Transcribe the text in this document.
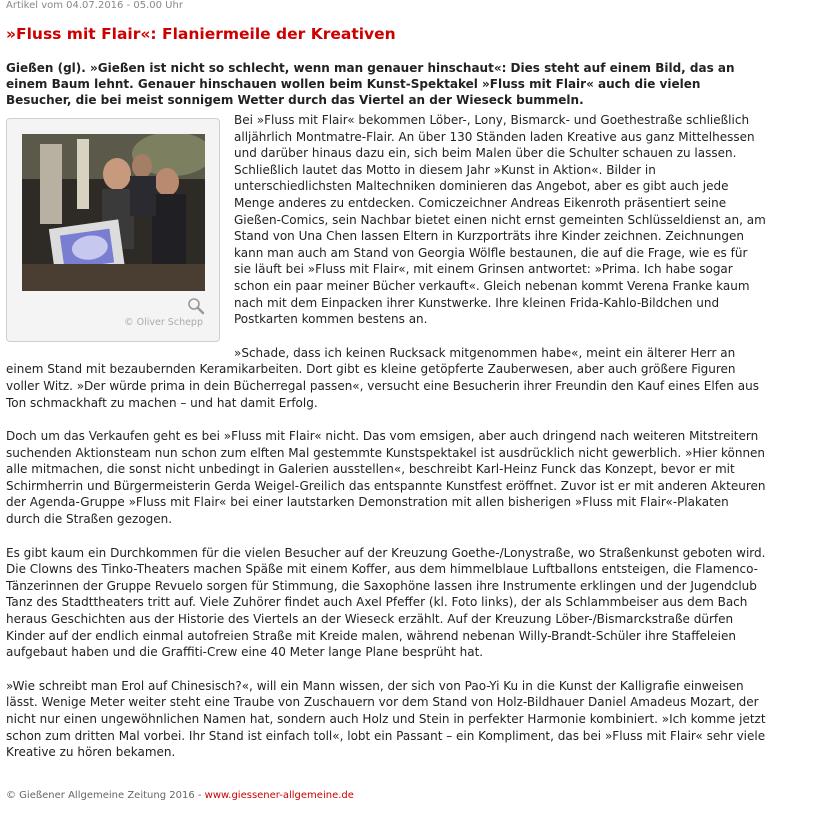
Artikel vom 04.07.2016 - 05.00 Uhr
»Fluss mit Flair«: Flaniermeile der Kreativen

Gießen (gl). »Gießen ist nicht so schlecht, wenn man genauer hinschaut«: Dies steht auf einem Bild, das an einem Baum lehnt. Genauer hinschauen wollen beim Kunst-Spektakel »Fluss mit Flair« auch die vielen Besucher, die bei meist sonnigem Wetter durch das Viertel an der Wieseck bummeln.

© Oliver Schepp

Bei »Fluss mit Flair« bekommen Löber-, Lony, Bismarck- und Goethestraße schließlich alljährlich Montmatre-Flair. An über 130 Ständen laden Kreative aus ganz Mittelhessen und darüber hinaus dazu ein, sich beim Malen über die Schulter schauen zu lassen. Schließlich lautet das Motto in diesem Jahr »Kunst in Aktion«. Bilder in unterschiedlichsten Maltechniken dominieren das Angebot, aber es gibt auch jede Menge anderes zu entdecken. Comiczeichner Andreas Eikenroth präsentiert seine Gießen-Comics, sein Nachbar bietet einen nicht ernst gemeinten Schlüsseldienst an, am Stand von Una Chen lassen Eltern in Kurzporträts ihre Kinder zeichnen. Zeichnungen kann man auch am Stand von Georgia Wölfle bestaunen, die auf die Frage, wie es für sie läuft bei »Fluss mit Flair«, mit einem Grinsen antwortet: »Prima. Ich habe sogar schon ein paar meiner Bücher verkauft«. Gleich nebenan kommt Verena Franke kaum nach mit dem Einpacken ihrer Kunstwerke. Ihre kleinen Frida-Kahlo-Bildchen und Postkarten kommen bestens an.

»Schade, dass ich keinen Rucksack mitgenommen habe«, meint ein älterer Herr an einem Stand mit bezaubernden Keramikarbeiten. Dort gibt es kleine getöpferte Zauberwesen, aber auch größere Figuren voller Witz. »Der würde prima in dein Bücherregal passen«, versucht eine Besucherin ihrer Freundin den Kauf eines Elfen aus Ton schmackhaft zu machen – und hat damit Erfolg.

Doch um das Verkaufen geht es bei »Fluss mit Flair« nicht. Das vom emsigen, aber auch dringend nach weiteren Mitstreitern suchenden Aktionsteam nun schon zum elften Mal gestemmte Kunstspektakel ist ausdrücklich nicht gewerblich. »Hier können alle mitmachen, die sonst nicht unbedingt in Galerien ausstellen«, beschreibt Karl-Heinz Funck das Konzept, bevor er mit Schirmherrin und Bürgermeisterin Gerda Weigel-Greilich das entspannte Kunstfest eröffnet. Zuvor ist er mit anderen Akteuren der Agenda-Gruppe »Fluss mit Flair« bei einer lautstarken Demonstration mit allen bisherigen »Fluss mit Flair«-Plakaten durch die Straßen gezogen.

Es gibt kaum ein Durchkommen für die vielen Besucher auf der Kreuzung Goethe-/Lonystraße, wo Straßenkunst geboten wird. Die Clowns des Tinko-Theaters machen Späße mit einem Koffer, aus dem himmelblaue Luftballons entsteigen, die Flamenco-Tänzerinnen der Gruppe Revuelo sorgen für Stimmung, die Saxophöne lassen ihre Instrumente erklingen und der Jugendclub Tanz des Stadttheaters tritt auf. Viele Zuhörer findet auch Axel Pfeffer (kl. Foto links), der als Schlammbeiser aus dem Bach heraus Geschichten aus der Historie des Viertels an der Wieseck erzählt. Auf der Kreuzung Löber-/Bismarckstraße dürfen Kinder auf der endlich einmal autofreien Straße mit Kreide malen, während nebenan Willy-Brandt-Schüler ihre Staffeleien aufgebaut haben und die Graffiti-Crew eine 40 Meter lange Plane besprüht hat.

»Wie schreibt man Erol auf Chinesisch?«, will ein Mann wissen, der sich von Pao-Yi Ku in die Kunst der Kalligrafie einweisen lässt. Wenige Meter weiter steht eine Traube von Zuschauern vor dem Stand von Holz-Bildhauer Daniel Amadeus Mozart, der nicht nur einen ungewöhnlichen Namen hat, sondern auch Holz und Stein in perfekter Harmonie kombiniert. »Ich komme jetzt schon zum dritten Mal vorbei. Ihr Stand ist einfach toll«, lobt ein Passant – ein Kompliment, das bei »Fluss mit Flair« sehr viele Kreative zu hören bekamen.

© Gießener Allgemeine Zeitung 2016 - www.giessener-allgemeine.de
